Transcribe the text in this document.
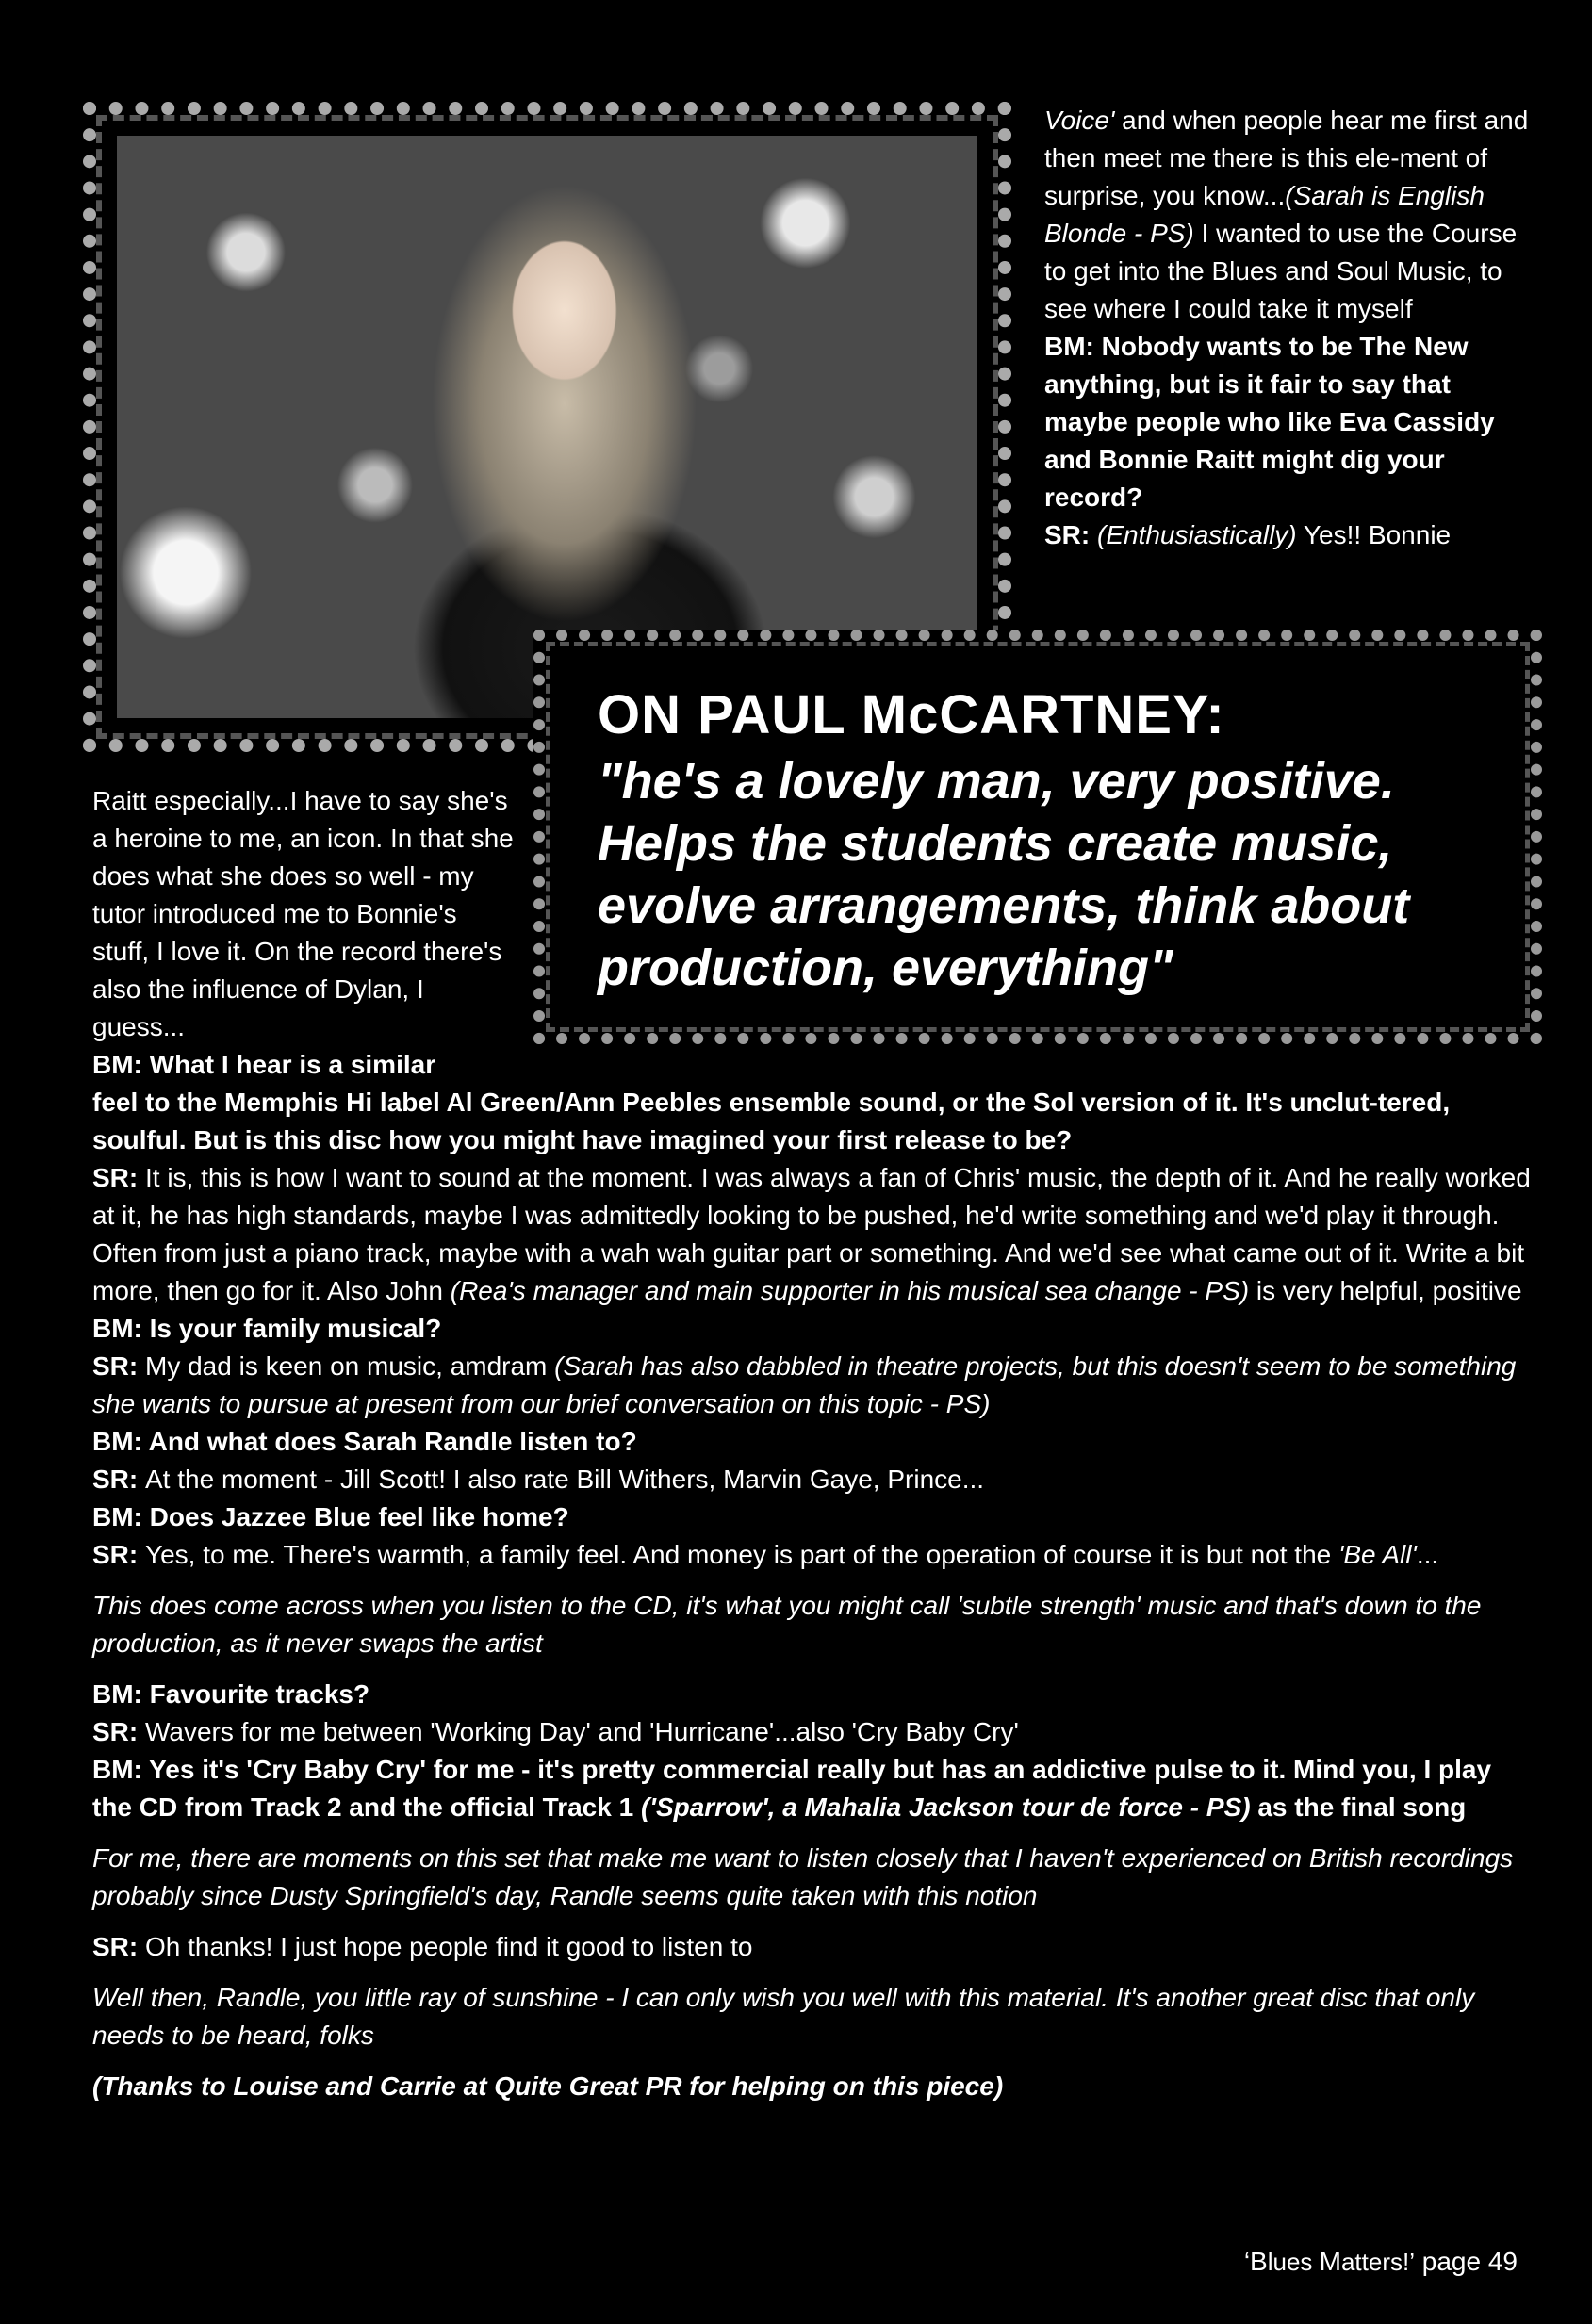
Voice' and when people hear me first and then meet me there is this ele-ment of surprise, you know...(Sarah is English Blonde - PS) I wanted to use the Course to get into the Blues and Soul Music, to see where I could take it myself

BM: Nobody wants to be The New anything, but is it fair to say that maybe people who like Eva Cassidy and Bonnie Raitt might dig your record?

SR: (Enthusiastically) Yes!! Bonnie

ON PAUL McCARTNEY:
"he's a lovely man, very positive. Helps the students create music, evolve arrangements, think about production, everything"

Raitt especially...I have to say she's a heroine to me, an icon. In that she does what she does so well - my tutor introduced me to Bonnie's stuff, I love it. On the record there's also the influence of Dylan, I guess...

BM: What I hear is a similar

feel to the Memphis Hi label Al Green/Ann Peebles ensemble sound, or the Sol version of it. It's unclut-tered, soulful. But is this disc how you might have imagined your first release to be?

SR: It is, this is how I want to sound at the moment. I was always a fan of Chris' music, the depth of it. And he really worked at it, he has high standards, maybe I was admittedly looking to be pushed, he'd write something and we'd play it through. Often from just a piano track, maybe with a wah wah guitar part or something. And we'd see what came out of it. Write a bit more, then go for it. Also John (Rea's manager and main supporter in his musical sea change - PS) is very helpful, positive

BM: Is your family musical?

SR: My dad is keen on music, amdram (Sarah has also dabbled in theatre projects, but this doesn't seem to be something she wants to pursue at present from our brief conversation on this topic - PS)

BM: And what does Sarah Randle listen to?

SR: At the moment - Jill Scott! I also rate Bill Withers, Marvin Gaye, Prince...

BM: Does Jazzee Blue feel like home?

SR: Yes, to me. There's warmth, a family feel. And money is part of the operation of course it is but not the 'Be All'...

This does come across when you listen to the CD, it's what you might call 'subtle strength' music and that's down to the production, as it never swaps the artist

BM: Favourite tracks?

SR: Wavers for me between 'Working Day' and 'Hurricane'...also 'Cry Baby Cry'

BM: Yes it's 'Cry Baby Cry' for me - it's pretty commercial really but has an addictive pulse to it. Mind you, I play the CD from Track 2 and the official Track 1 ('Sparrow', a Mahalia Jackson tour de force - PS) as the final song

For me, there are moments on this set that make me want to listen closely that I haven't experienced on British recordings probably since Dusty Springfield's day, Randle seems quite taken with this notion

SR: Oh thanks! I just hope people find it good to listen to

Well then, Randle, you little ray of sunshine - I can only wish you well with this material. It's another great disc that only needs to be heard, folks

(Thanks to Louise and Carrie at Quite Great PR for helping on this piece)

‘Blues Matters!’ page 49
